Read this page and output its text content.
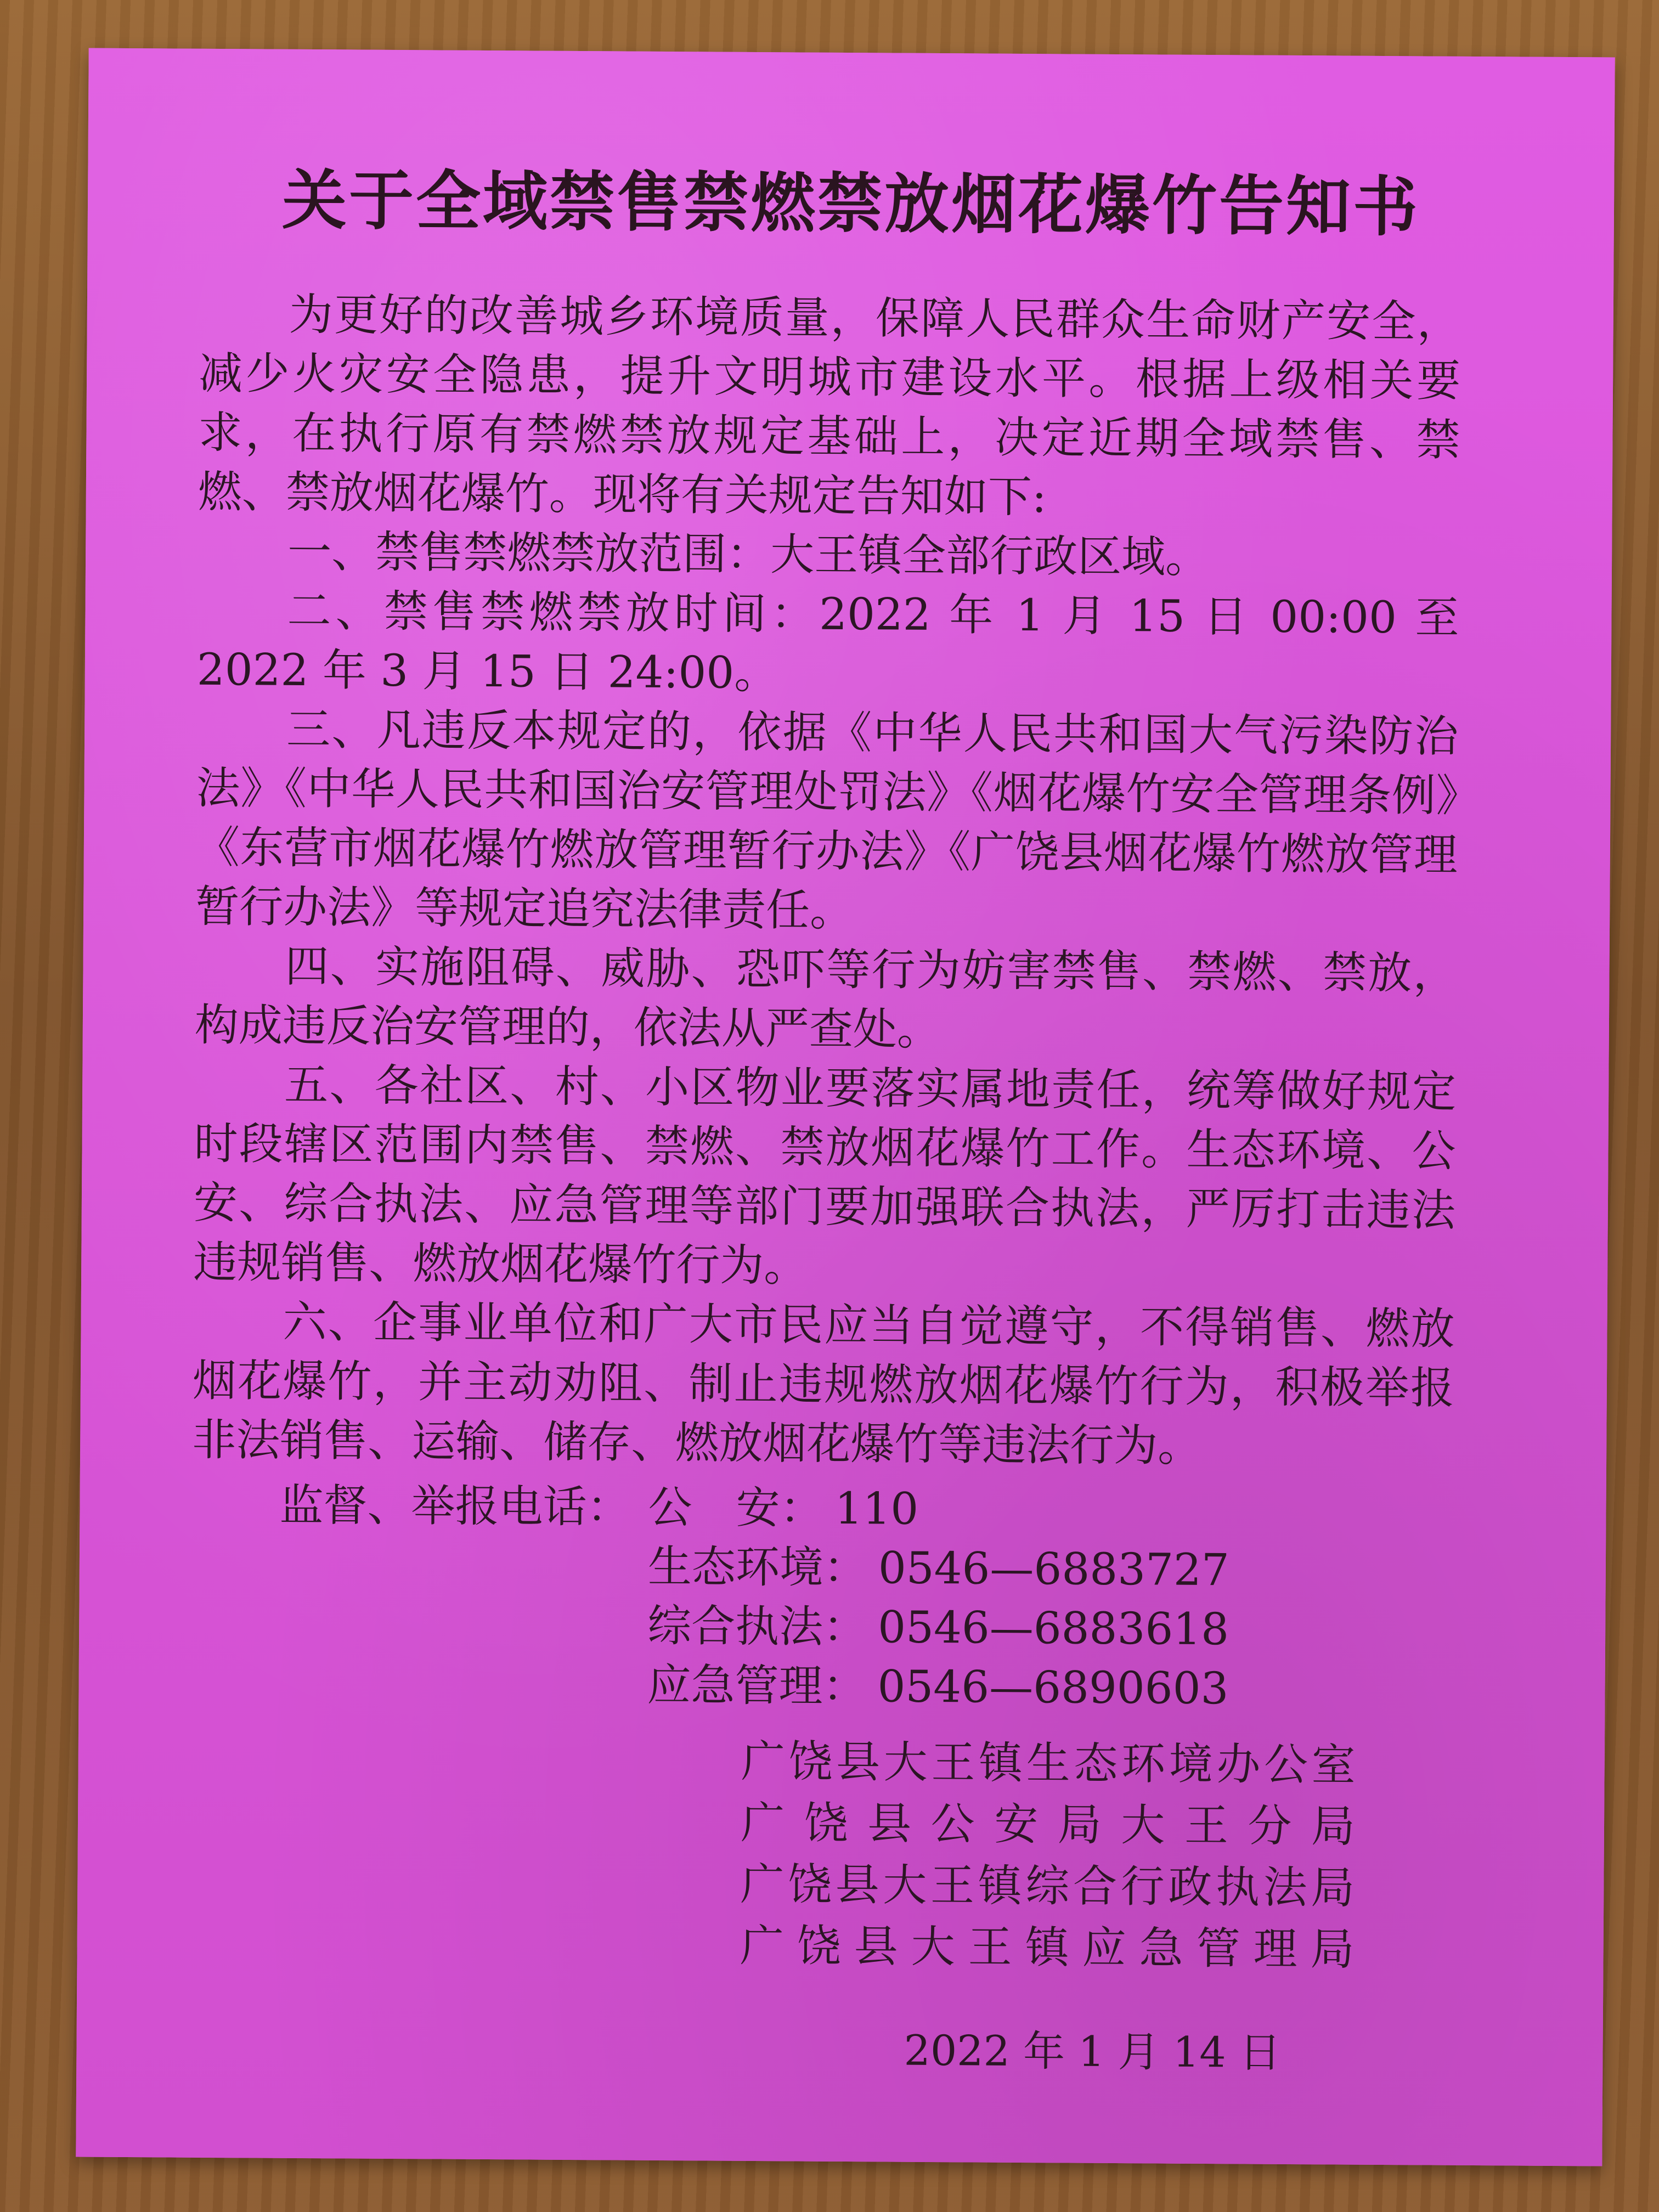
关于全域禁售禁燃禁放烟花爆竹告知书

为更好的改善城乡环境质量，保障人民群众生命财产安全，减少火灾安全隐患，提升文明城市建设水平。根据上级相关要求，在执行原有禁燃禁放规定基础上，决定近期全域禁售、禁燃、禁放烟花爆竹。现将有关规定告知如下:

一、禁售禁燃禁放范围：大王镇全部行政区域。

二、禁售禁燃禁放时间：2022 年 1 月 15 日 00:00 至 2022 年 3 月 15 日 24:00。

三、凡违反本规定的，依据《中华人民共和国大气污染防治法》《中华人民共和国治安管理处罚法》《烟花爆竹安全管理条例》《东营市烟花爆竹燃放管理暂行办法》《广饶县烟花爆竹燃放管理暂行办法》等规定追究法律责任。

四、实施阻碍、威胁、恐吓等行为妨害禁售、禁燃、禁放，构成违反治安管理的，依法从严查处。

五、各社区、村、小区物业要落实属地责任，统筹做好规定时段辖区范围内禁售、禁燃、禁放烟花爆竹工作。生态环境、公安、综合执法、应急管理等部门要加强联合执法，严厉打击违法违规销售、燃放烟花爆竹行为。

六、企事业单位和广大市民应当自觉遵守，不得销售、燃放烟花爆竹，并主动劝阻、制止违规燃放烟花爆竹行为，积极举报非法销售、运输、储存、燃放烟花爆竹等违法行为。

监督、举报电话： 公　安： 110
生态环境： 0546—6883727
综合执法： 0546—6883618
应急管理： 0546—6890603
广饶县大王镇生态环境办公室
广饶县公安局大王分局
广饶县大王镇综合行政执法局
广饶县大王镇应急管理局
2022 年 1 月 14 日
